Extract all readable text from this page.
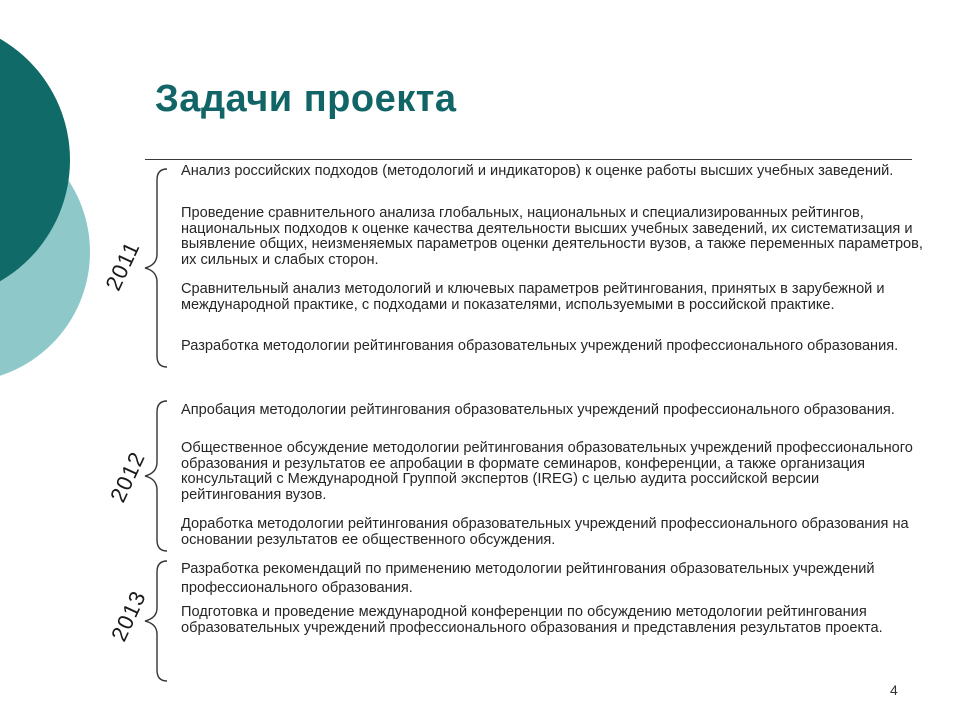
Задачи проекта
2011

Анализ российских подходов (методологий и индикаторов) к оценке работы высших учебных заведений.

Проведение сравнительного анализа глобальных, национальных и специализированных рейтингов, национальных подходов к оценке качества деятельности высших учебных заведений, их систематизация и выявление общих, неизменяемых параметров оценки деятельности вузов, а также переменных параметров, их сильных и слабых сторон.

Сравнительный анализ методологий и ключевых параметров рейтингования, принятых в зарубежной и международной практике, с подходами и показателями, используемыми в российской практике.

Разработка методологии рейтингования образовательных учреждений профессионального образования.

2012

Апробация методологии рейтингования образовательных учреждений профессионального образования.

Общественное обсуждение методологии рейтингования образовательных учреждений профессионального образования и результатов ее апробации в формате семинаров, конференции, а также организация консультаций с Международной Группой экспертов (IREG) с целью аудита российской версии рейтингования вузов.

Доработка методологии рейтингования образовательных учреждений профессионального образования на основании результатов ее общественного обсуждения.

2013

Разработка рекомендаций по применению методологии рейтингования образовательных учреждений профессионального образования.

Подготовка и проведение международной конференции по обсуждению методологии рейтингования образовательных учреждений профессионального образования и представления результатов проекта.

4
